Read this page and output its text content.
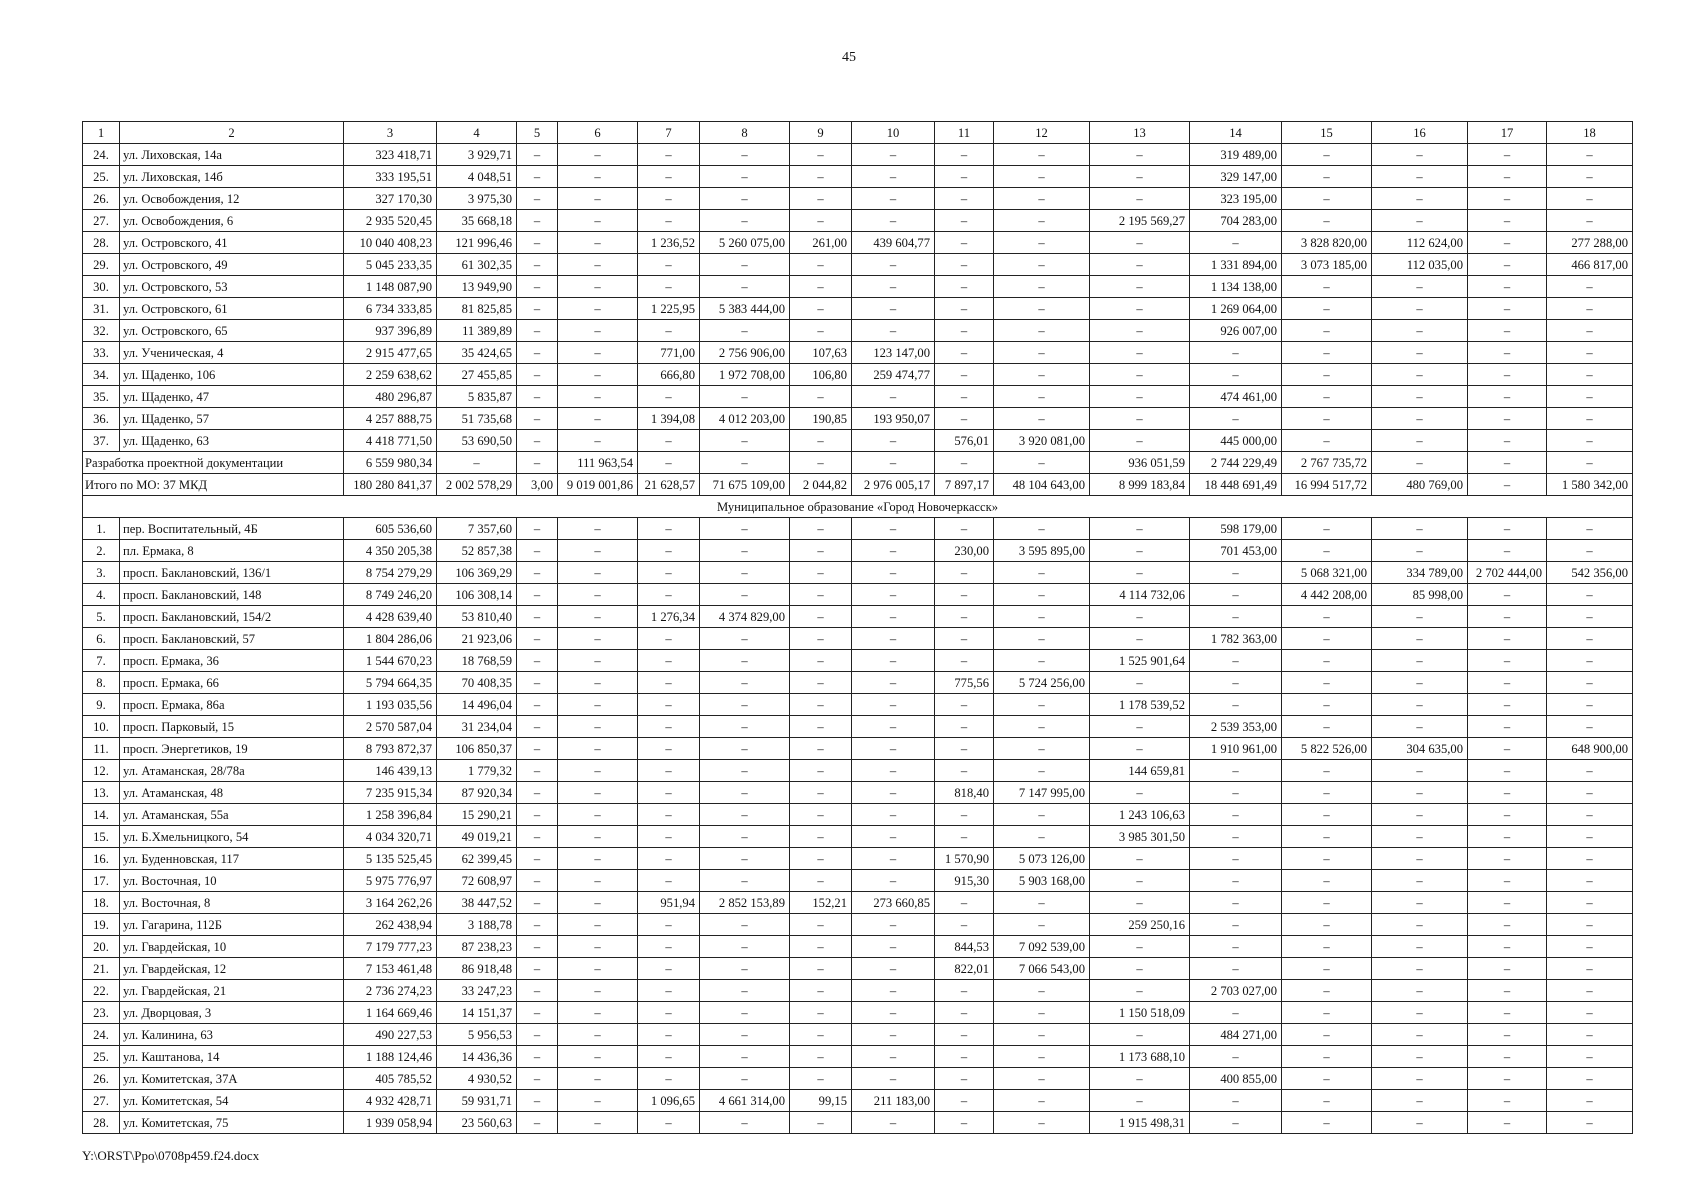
45
1	2	3	4	5	6	7	8	9	10	11	12	13	14	15	16	17	18
24.	ул. Лиховская, 14а	323 418,71	3 929,71	–	–	–	–	–	–	–	–	–	319 489,00	–	–	–	–
25.	ул. Лиховская, 14б	333 195,51	4 048,51	–	–	–	–	–	–	–	–	–	329 147,00	–	–	–	–
26.	ул. Освобождения, 12	327 170,30	3 975,30	–	–	–	–	–	–	–	–	–	323 195,00	–	–	–	–
27.	ул. Освобождения, 6	2 935 520,45	35 668,18	–	–	–	–	–	–	–	–	2 195 569,27	704 283,00	–	–	–	–
28.	ул. Островского, 41	10 040 408,23	121 996,46	–	–	1 236,52	5 260 075,00	261,00	439 604,77	–	–	–	–	3 828 820,00	112 624,00	–	277 288,00
29.	ул. Островского, 49	5 045 233,35	61 302,35	–	–	–	–	–	–	–	–	–	1 331 894,00	3 073 185,00	112 035,00	–	466 817,00
30.	ул. Островского, 53	1 148 087,90	13 949,90	–	–	–	–	–	–	–	–	–	1 134 138,00	–	–	–	–
31.	ул. Островского, 61	6 734 333,85	81 825,85	–	–	1 225,95	5 383 444,00	–	–	–	–	–	1 269 064,00	–	–	–	–
32.	ул. Островского, 65	937 396,89	11 389,89	–	–	–	–	–	–	–	–	–	926 007,00	–	–	–	–
33.	ул. Ученическая, 4	2 915 477,65	35 424,65	–	–	771,00	2 756 906,00	107,63	123 147,00	–	–	–	–	–	–	–	–
34.	ул. Щаденко, 106	2 259 638,62	27 455,85	–	–	666,80	1 972 708,00	106,80	259 474,77	–	–	–	–	–	–	–	–
35.	ул. Щаденко, 47	480 296,87	5 835,87	–	–	–	–	–	–	–	–	–	474 461,00	–	–	–	–
36.	ул. Щаденко, 57	4 257 888,75	51 735,68	–	–	1 394,08	4 012 203,00	190,85	193 950,07	–	–	–	–	–	–	–	–
37.	ул. Щаденко, 63	4 418 771,50	53 690,50	–	–	–	–	–	–	576,01	3 920 081,00	–	445 000,00	–	–	–	–
Разработка проектной документации		6 559 980,34	–	–	111 963,54	–	–	–	–	–	–	936 051,59	2 744 229,49	2 767 735,72	–	–	–
Итого по МО: 37 МКД		180 280 841,37	2 002 578,29	3,00	9 019 001,86	21 628,57	71 675 109,00	2 044,82	2 976 005,17	7 897,17	48 104 643,00	8 999 183,84	18 448 691,49	16 994 517,72	480 769,00	–	1 580 342,00
Муниципальное образование «Город Новочеркасск»																	
1.	пер. Воспитательный, 4Б	605 536,60	7 357,60	–	–	–	–	–	–	–	–	–	598 179,00	–	–	–	–
2.	пл. Ермака, 8	4 350 205,38	52 857,38	–	–	–	–	–	–	230,00	3 595 895,00	–	701 453,00	–	–	–	–
3.	просп. Баклановский, 136/1	8 754 279,29	106 369,29	–	–	–	–	–	–	–	–	–	–	5 068 321,00	334 789,00	2 702 444,00	542 356,00
4.	просп. Баклановский, 148	8 749 246,20	106 308,14	–	–	–	–	–	–	–	–	4 114 732,06	–	4 442 208,00	85 998,00	–	–
5.	просп. Баклановский, 154/2	4 428 639,40	53 810,40	–	–	1 276,34	4 374 829,00	–	–	–	–	–	–	–	–	–	–
6.	просп. Баклановский, 57	1 804 286,06	21 923,06	–	–	–	–	–	–	–	–	–	1 782 363,00	–	–	–	–
7.	просп. Ермака, 36	1 544 670,23	18 768,59	–	–	–	–	–	–	–	–	1 525 901,64	–	–	–	–	–
8.	просп. Ермака, 66	5 794 664,35	70 408,35	–	–	–	–	–	–	775,56	5 724 256,00	–	–	–	–	–	–
9.	просп. Ермака, 86а	1 193 035,56	14 496,04	–	–	–	–	–	–	–	–	1 178 539,52	–	–	–	–	–
10.	просп. Парковый, 15	2 570 587,04	31 234,04	–	–	–	–	–	–	–	–	–	2 539 353,00	–	–	–	–
11.	просп. Энергетиков, 19	8 793 872,37	106 850,37	–	–	–	–	–	–	–	–	–	1 910 961,00	5 822 526,00	304 635,00	–	648 900,00
12.	ул. Атаманская, 28/78а	146 439,13	1 779,32	–	–	–	–	–	–	–	–	144 659,81	–	–	–	–	–
13.	ул. Атаманская, 48	7 235 915,34	87 920,34	–	–	–	–	–	–	818,40	7 147 995,00	–	–	–	–	–	–
14.	ул. Атаманская, 55а	1 258 396,84	15 290,21	–	–	–	–	–	–	–	–	1 243 106,63	–	–	–	–	–
15.	ул. Б.Хмельницкого, 54	4 034 320,71	49 019,21	–	–	–	–	–	–	–	–	3 985 301,50	–	–	–	–	–
16.	ул. Буденновская, 117	5 135 525,45	62 399,45	–	–	–	–	–	–	1 570,90	5 073 126,00	–	–	–	–	–	–
17.	ул. Восточная, 10	5 975 776,97	72 608,97	–	–	–	–	–	–	915,30	5 903 168,00	–	–	–	–	–	–
18.	ул. Восточная, 8	3 164 262,26	38 447,52	–	–	951,94	2 852 153,89	152,21	273 660,85	–	–	–	–	–	–	–	–
19.	ул. Гагарина, 112Б	262 438,94	3 188,78	–	–	–	–	–	–	–	–	259 250,16	–	–	–	–	–
20.	ул. Гвардейская, 10	7 179 777,23	87 238,23	–	–	–	–	–	–	844,53	7 092 539,00	–	–	–	–	–	–
21.	ул. Гвардейская, 12	7 153 461,48	86 918,48	–	–	–	–	–	–	822,01	7 066 543,00	–	–	–	–	–	–
22.	ул. Гвардейская, 21	2 736 274,23	33 247,23	–	–	–	–	–	–	–	–	–	2 703 027,00	–	–	–	–
23.	ул. Дворцовая, 3	1 164 669,46	14 151,37	–	–	–	–	–	–	–	–	1 150 518,09	–	–	–	–	–
24.	ул. Калинина, 63	490 227,53	5 956,53	–	–	–	–	–	–	–	–	–	484 271,00	–	–	–	–
25.	ул. Каштанова, 14	1 188 124,46	14 436,36	–	–	–	–	–	–	–	–	1 173 688,10	–	–	–	–	–
26.	ул. Комитетская, 37А	405 785,52	4 930,52	–	–	–	–	–	–	–	–	–	400 855,00	–	–	–	–
27.	ул. Комитетская, 54	4 932 428,71	59 931,71	–	–	1 096,65	4 661 314,00	99,15	211 183,00	–	–	–	–	–	–	–	–
28.	ул. Комитетская, 75	1 939 058,94	23 560,63	–	–	–	–	–	–	–	–	1 915 498,31	–	–	–	–	–
Y:\ORST\Ppo\0708p459.f24.docx
